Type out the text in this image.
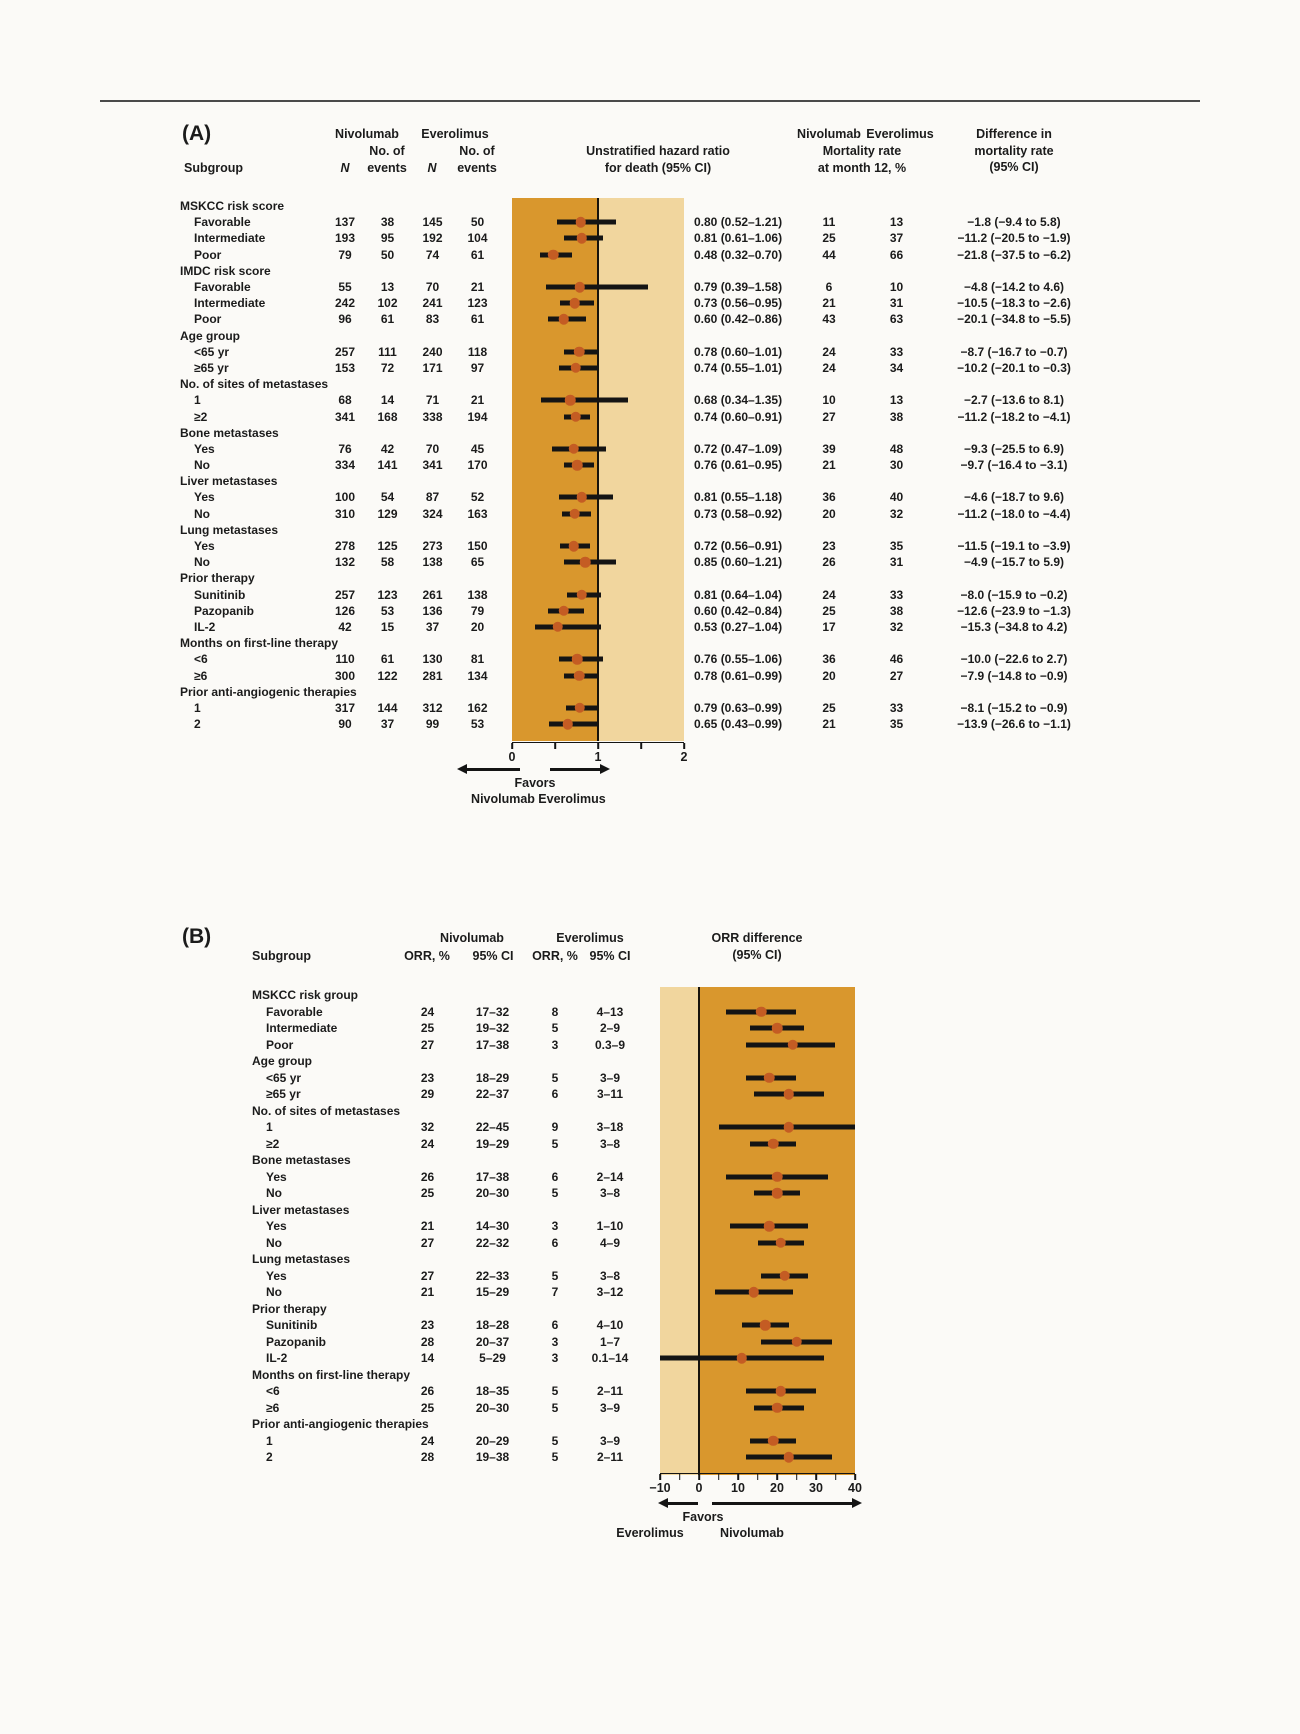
(A)
Subgroup
Nivolumab Everolimus
N
No. of
events N
No. of
events
Unstratified hazard ratio
for death (95% CI)
Nivolumab Everolimus
Mortality rate
at month 12, %
Difference in
mortality rate
(95% CI)
MSKCC risk score
Favorable	137	38	145	50	0.80 (0.52–1.21)	11	13	−1.8 (−9.4 to 5.8)
Intermediate	193	95	192	104	0.81 (0.61–1.06)	25	37	−11.2 (−20.5 to −1.9)
Poor	79	50	74	61	0.48 (0.32–0.70)	44	66	−21.8 (−37.5 to −6.2)
IMDC risk score
Favorable	55	13	70	21	0.79 (0.39–1.58)	6	10	−4.8 (−14.2 to 4.6)
Intermediate	242	102	241	123	0.73 (0.56–0.95)	21	31	−10.5 (−18.3 to −2.6)
Poor	96	61	83	61	0.60 (0.42–0.86)	43	63	−20.1 (−34.8 to −5.5)
Age group
<65 yr	257	111	240	118	0.78 (0.60–1.01)	24	33	−8.7 (−16.7 to −0.7)
≥65 yr	153	72	171	97	0.74 (0.55–1.01)	24	34	−10.2 (−20.1 to −0.3)
No. of sites of metastases
1	68	14	71	21	0.68 (0.34–1.35)	10	13	−2.7 (−13.6 to 8.1)
≥2	341	168	338	194	0.74 (0.60–0.91)	27	38	−11.2 (−18.2 to −4.1)
Bone metastases
Yes	76	42	70	45	0.72 (0.47–1.09)	39	48	−9.3 (−25.5 to 6.9)
No	334	141	341	170	0.76 (0.61–0.95)	21	30	−9.7 (−16.4 to −3.1)
Liver metastases
Yes	100	54	87	52	0.81 (0.55–1.18)	36	40	−4.6 (−18.7 to 9.6)
No	310	129	324	163	0.73 (0.58–0.92)	20	32	−11.2 (−18.0 to −4.4)
Lung metastases
Yes	278	125	273	150	0.72 (0.56–0.91)	23	35	−11.5 (−19.1 to −3.9)
No	132	58	138	65	0.85 (0.60–1.21)	26	31	−4.9 (−15.7 to 5.9)
Prior therapy
Sunitinib	257	123	261	138	0.81 (0.64–1.04)	24	33	−8.0 (−15.9 to −0.2)
Pazopanib	126	53	136	79	0.60 (0.42–0.84)	25	38	−12.6 (−23.9 to −1.3)
IL-2	42	15	37	20	0.53 (0.27–1.04)	17	32	−15.3 (−34.8 to 4.2)
Months on first-line therapy
<6	110	61	130	81	0.76 (0.55–1.06)	36	46	−10.0 (−22.6 to 2.7)
≥6	300	122	281	134	0.78 (0.61–0.99)	20	27	−7.9 (−14.8 to −0.9)
Prior anti-angiogenic therapies
1	317	144	312	162	0.79 (0.63–0.99)	25	33	−8.1 (−15.2 to −0.9)
2	90	37	99	53	0.65 (0.43–0.99)	21	35	−13.9 (−26.6 to −1.1)
0	1	2
Favors
Nivolumab Everolimus
(B)
Subgroup
Nivolumab
ORR, % 95% CI
Everolimus
ORR, % 95% CI
ORR difference
(95% CI)
MSKCC risk group
Favorable	24	17–32	8	4–13
Intermediate	25	19–32	5	2–9
Poor	27	17–38	3	0.3–9
Age group
<65 yr	23	18–29	5	3–9
≥65 yr	29	22–37	6	3–11
No. of sites of metastases
1	32	22–45	9	3–18
≥2	24	19–29	5	3–8
Bone metastases
Yes	26	17–38	6	2–14
No	25	20–30	5	3–8
Liver metastases
Yes	21	14–30	3	1–10
No	27	22–32	6	4–9
Lung metastases
Yes	27	22–33	5	3–8
No	21	15–29	7	3–12
Prior therapy
Sunitinib	23	18–28	6	4–10
Pazopanib	28	20–37	3	1–7
IL-2	14	5–29	3	0.1–14
Months on first-line therapy
<6	26	18–35	5	2–11
≥6	25	20–30	5	3–9
Prior anti-angiogenic therapies
1	24	20–29	5	3–9
2	28	19–38	5	2–11
−10 0 10 20 30 40
Favors
Everolimus	Nivolumab
